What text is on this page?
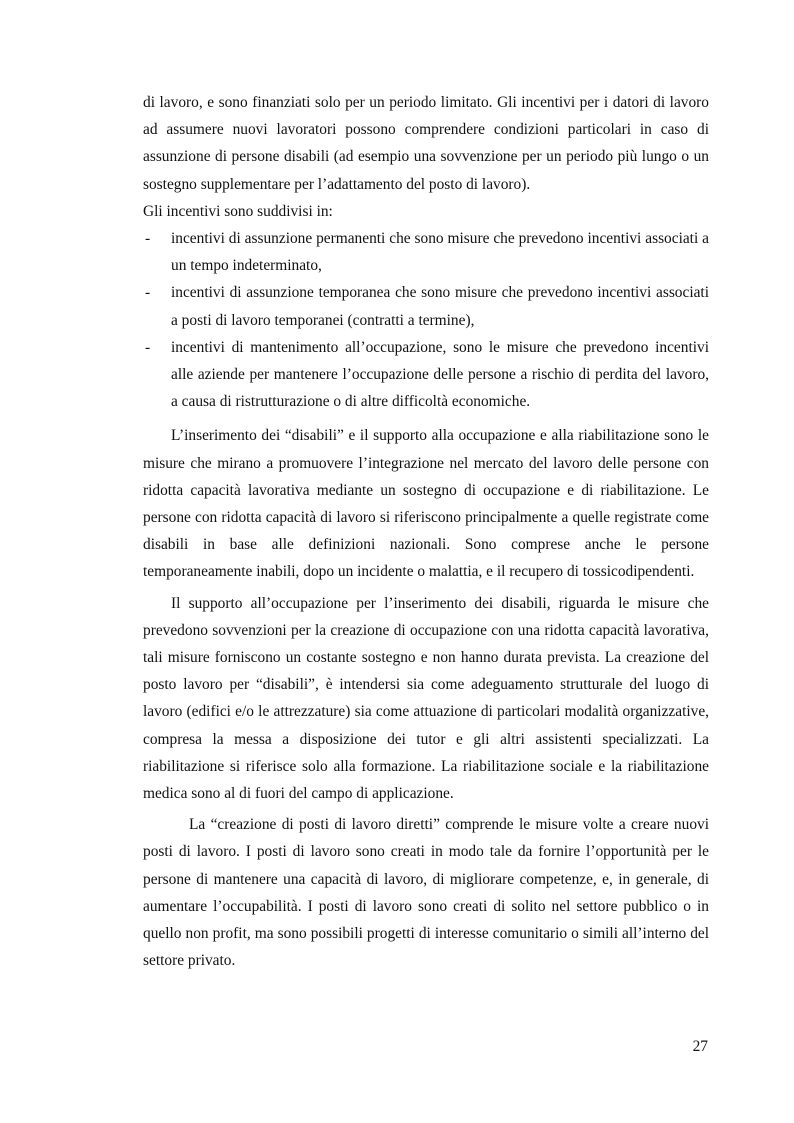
di lavoro, e sono finanziati solo per un periodo limitato. Gli incentivi per i datori di lavoro ad assumere nuovi lavoratori possono comprendere condizioni particolari in caso di assunzione di persone disabili (ad esempio una sovvenzione per un periodo più lungo o un sostegno supplementare per l’adattamento del posto di lavoro).

Gli incentivi sono suddivisi in:

- incentivi di assunzione permanenti che sono misure che prevedono incentivi associati a un tempo indeterminato,
- incentivi di assunzione temporanea che sono misure che prevedono incentivi associati a posti di lavoro temporanei (contratti a termine),
- incentivi di mantenimento all’occupazione, sono le misure che prevedono incentivi alle aziende per mantenere l’occupazione delle persone a rischio di perdita del lavoro, a causa di ristrutturazione o di altre difficoltà economiche.

L’inserimento dei “disabili” e il supporto alla occupazione e alla riabilitazione sono le misure che mirano a promuovere l’integrazione nel mercato del lavoro delle persone con ridotta capacità lavorativa mediante un sostegno di occupazione e di riabilitazione. Le persone con ridotta capacità di lavoro si riferiscono principalmente a quelle registrate come disabili in base alle definizioni nazionali. Sono comprese anche le persone temporaneamente inabili, dopo un incidente o malattia, e il recupero di tossicodipendenti.

Il supporto all’occupazione per l’inserimento dei disabili, riguarda le misure che prevedono sovvenzioni per la creazione di occupazione con una ridotta capacità lavorativa, tali misure forniscono un costante sostegno e non hanno durata prevista. La creazione del posto lavoro per “disabili”, è intendersi sia come adeguamento strutturale del luogo di lavoro (edifici e/o le attrezzature) sia come attuazione di particolari modalità organizzative, compresa la messa a disposizione dei tutor e gli altri assistenti specializzati. La riabilitazione si riferisce solo alla formazione. La riabilitazione sociale e la riabilitazione medica sono al di fuori del campo di applicazione.

La “creazione di posti di lavoro diretti” comprende le misure volte a creare nuovi posti di lavoro. I posti di lavoro sono creati in modo tale da fornire l’opportunità per le persone di mantenere una capacità di lavoro, di migliorare competenze, e, in generale, di aumentare l’occupabilità. I posti di lavoro sono creati di solito nel settore pubblico o in quello non profit, ma sono possibili progetti di interesse comunitario o simili all’interno del settore privato.

27
